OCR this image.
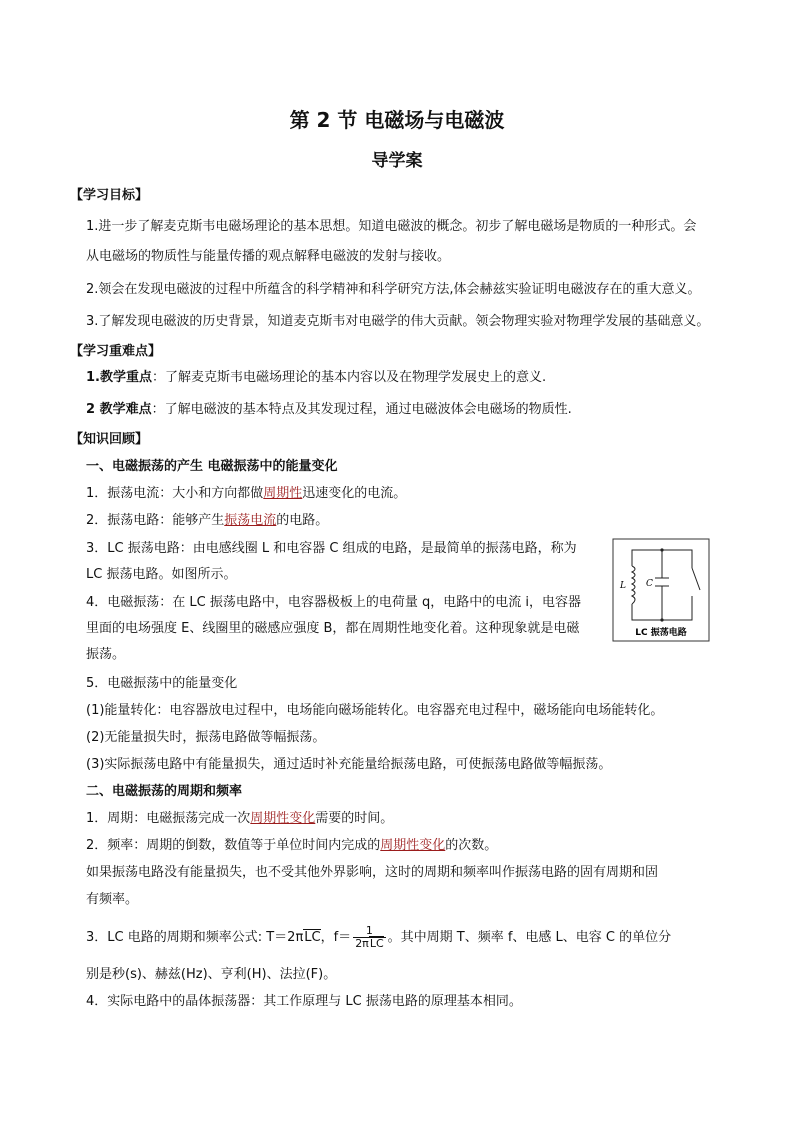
第 2 节 电磁场与电磁波
导学案
【学习目标】
1.进一步了解麦克斯韦电磁场理论的基本思想。知道电磁波的概念。初步了解电磁场是物质的一种形式。会
从电磁场的物质性与能量传播的观点解释电磁波的发射与接收。
2.领会在发现电磁波的过程中所蕴含的科学精神和科学研究方法,体会赫兹实验证明电磁波存在的重大意义。
3.了解发现电磁波的历史背景，知道麦克斯韦对电磁学的伟大贡献。领会物理实验对物理学发展的基础意义。
【学习重难点】
1.教学重点：了解麦克斯韦电磁场理论的基本内容以及在物理学发展史上的意义.
2 教学难点：了解电磁波的基本特点及其发现过程，通过电磁波体会电磁场的物质性.
【知识回顾】
一、电磁振荡的产生 电磁振荡中的能量变化
1．振荡电流：大小和方向都做周期性迅速变化的电流。
2．振荡电路：能够产生振荡电流的电路。
3．LC 振荡电路：由电感线圈 L 和电容器 C 组成的电路，是最简单的振荡电路，称为 LC 振荡电路。如图所示。
4．电磁振荡：在 LC 振荡电路中，电容器极板上的电荷量 q，电路中的电流 i，电容器里面的电场强度 E、线圈里的磁感应强度 B，都在周期性地变化着。这种现象就是电磁振荡。
5．电磁振荡中的能量变化
(1)能量转化：电容器放电过程中，电场能向磁场能转化。电容器充电过程中，磁场能向电场能转化。
(2)无能量损失时，振荡电路做等幅振荡。
(3)实际振荡电路中有能量损失，通过适时补充能量给振荡电路，可使振荡电路做等幅振荡。
二、电磁振荡的周期和频率
1．周期：电磁振荡完成一次周期性变化需要的时间。
2．频率：周期的倒数，数值等于单位时间内完成的周期性变化的次数。
如果振荡电路没有能量损失，也不受其他外界影响，这时的周期和频率叫作振荡电路的固有周期和固
有频率。
3．LC 电路的周期和频率公式: T＝2πLC，$f= \frac{1}{\text{2πLC}}$ 。其中周期 T、频率 f、电感 L、电容 C 的单位分
别是秒(s)、赫兹(Hz)、亨利(H)、法拉(F)。
4．实际电路中的晶体振荡器：其工作原理与 LC 振荡电路的原理基本相同。
L C
LC 振荡电路
